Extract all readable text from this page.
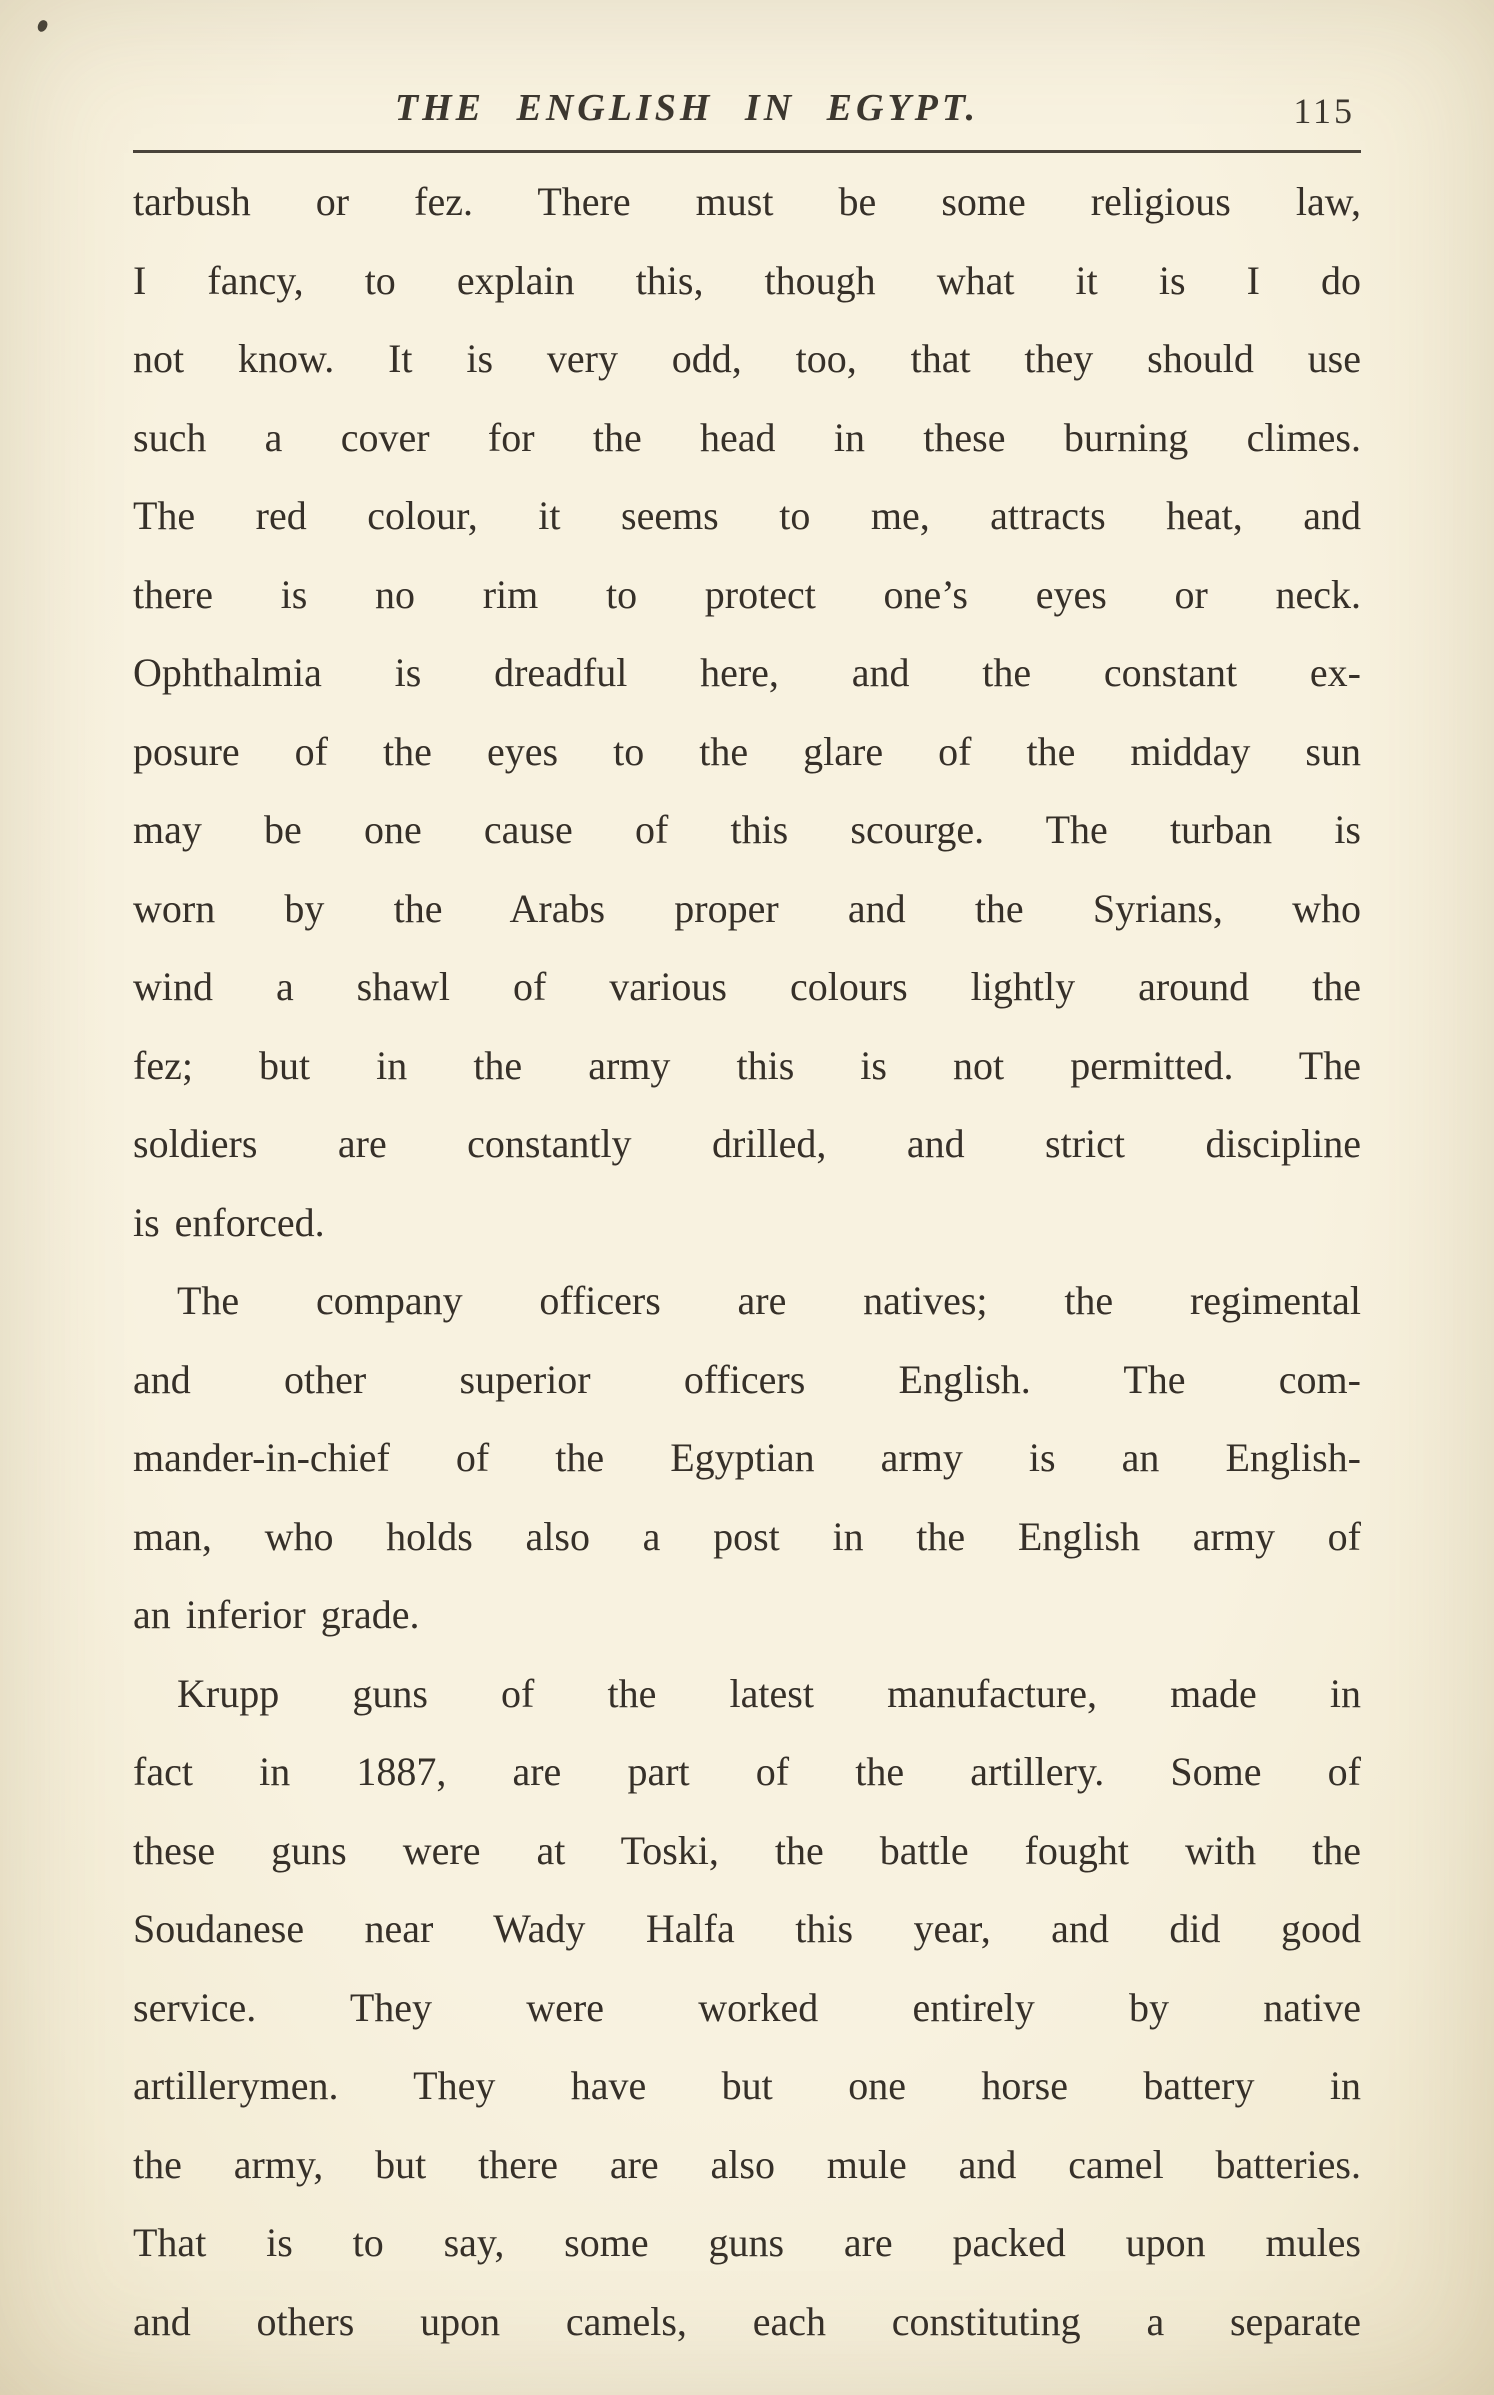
THE ENGLISH IN EGYPT.	115
tarbush or fez. There must be some religious law,
I fancy, to explain this, though what it is I do
not know. It is very odd, too, that they should use
such a cover for the head in these burning climes.
The red colour, it seems to me, attracts heat, and
there is no rim to protect one’s eyes or neck.
Ophthalmia is dreadful here, and the constant ex-
posure of the eyes to the glare of the midday sun
may be one cause of this scourge. The turban is
worn by the Arabs proper and the Syrians, who
wind a shawl of various colours lightly around the
fez; but in the army this is not permitted. The
soldiers are constantly drilled, and strict discipline
is enforced.
The company officers are natives; the regimental
and other superior officers English. The com-
mander-in-chief of the Egyptian army is an English-
man, who holds also a post in the English army of
an inferior grade.
Krupp guns of the latest manufacture, made in
fact in 1887, are part of the artillery. Some of
these guns were at Toski, the battle fought with the
Soudanese near Wady Halfa this year, and did good
service. They were worked entirely by native
artillerymen. They have but one horse battery in
the army, but there are also mule and camel batteries.
That is to say, some guns are packed upon mules
and others upon camels, each constituting a separate
